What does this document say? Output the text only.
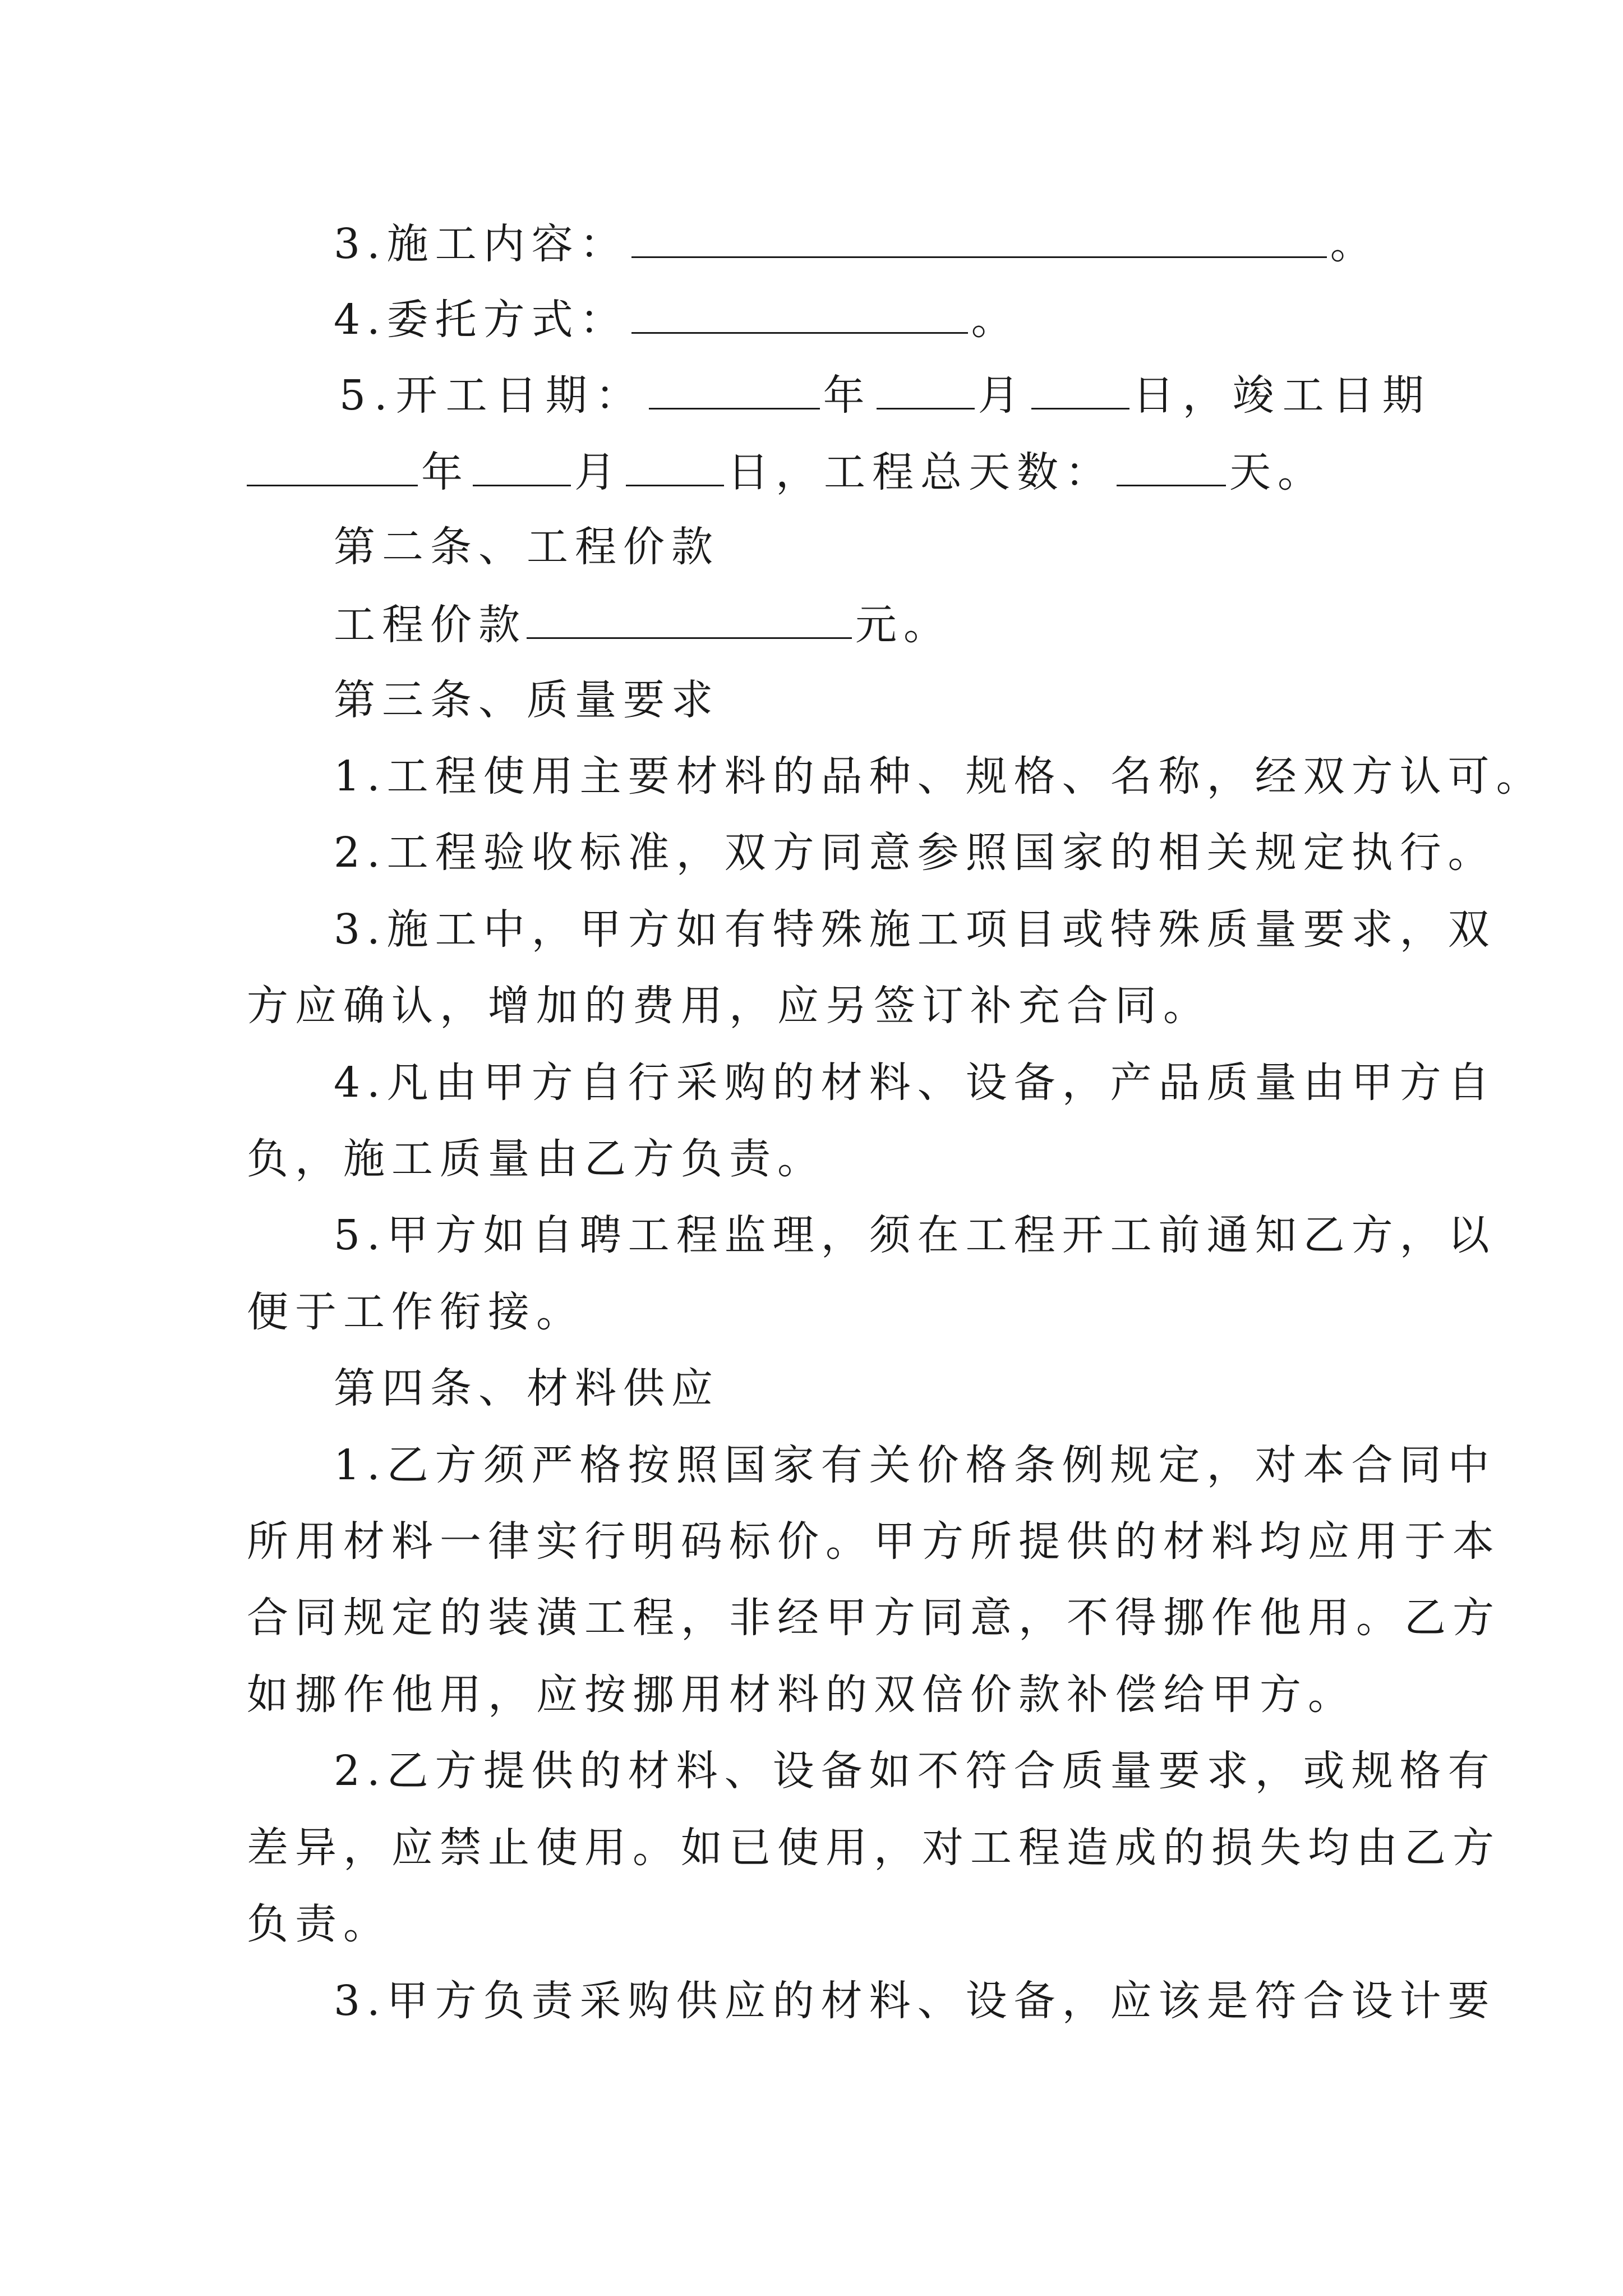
3.施工内容：	。
4.委托方式：	。
5.开工日期：	年	月	日，竣工日期
年	月	日，工程总天数：	天。
第二条、工程价款
工程价款	元。
第三条、质量要求
1.工程使用主要材料的品种、规格、名称，经双方认可。
2.工程验收标准，双方同意参照国家的相关规定执行。
3.施工中，甲方如有特殊施工项目或特殊质量要求，双
方应确认，增加的费用，应另签订补充合同。
4.凡由甲方自行采购的材料、设备，产品质量由甲方自
负，施工质量由乙方负责。
5.甲方如自聘工程监理，须在工程开工前通知乙方，以
便于工作衔接。
第四条、材料供应
1.乙方须严格按照国家有关价格条例规定，对本合同中
所用材料一律实行明码标价。甲方所提供的材料均应用于本
合同规定的装潢工程，非经甲方同意，不得挪作他用。乙方
如挪作他用，应按挪用材料的双倍价款补偿给甲方。
2.乙方提供的材料、设备如不符合质量要求，或规格有
差异，应禁止使用。如已使用，对工程造成的损失均由乙方
负责。
3.甲方负责采购供应的材料、设备，应该是符合设计要
